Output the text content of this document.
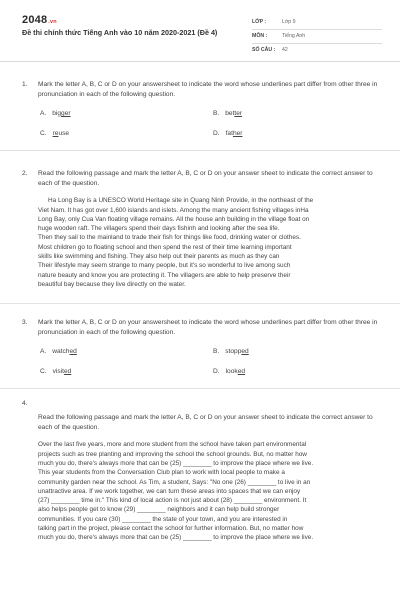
2048.vn
Đề thi chính thức Tiếng Anh vào 10 năm 2020-2021 (Đề 4)
LỚP :	Lớp 9
MÔN :	Tiếng Anh
SỐ CÂU :	42
1. Mark the letter A, B, C or D on your answersheet to indicate the word whose underlines part differ from other three in pronunciation in each of the following question.
A. bigger	B. better
C. reuse	D. father
2. Read the following passage and mark the letter A, B, C or D on your answer sheet to indicate the correct answer to each of the question.

Ha Long Bay is a UNESCO World Heritage site in Quang Ninh Provide, in the northeast of the

Viet Nam. It has got over 1,600 islands and islets. Among the many ancient fishing villages inHa

Long Bay, only Cua Van floating village remains. All the house anh building in the village float on

huge wooden raft. The villagers spend their days fishinh and looking after the sea life.

Then they sail to the mainland to trade their fish for things like food, drinking water or clothes.

Most children go to floating school and then spend the rest of their time learning important

skills like swimming and fishing. They also help out their parents as much as they can

Their lifestyle may seem strange to many people, but it's so wonderful to live among such

nature beauty and know you are protecting it. The villagers are able to help preserve their

beautiful bay because they live directly on the water.

3. Mark the letter A, B, C or D on your answersheet to indicate the word whose underlines part differ from other three in pronunciation in each of the following question.
A. watched	B. stopped
C. visited	D. looked
4.
Read the following passage and mark the letter A, B, C or D on your answer sheet to indicate the correct answer to each of the question.

Over the last five years, more and more student from the school have taken part environmental

projects such as tree planting and improving the school the school grounds. But, no matter how

much you do, there's always more that can be (25) ________ to improve the place where we live.

This year students from the Conversation Club plan to work with local people to make a

community garden near the school. As Tim, a student, Says: "No one (26) ________ to live in an

unattractive area. If we work together, we can turn these areas into spaces that we can enjoy

(27) ________ time in." This kind of local action is not just about (28) ________ environment. It

also helps people get to know (29) ________ neighbors and it can help build stronger

communities. If you care (30) ________ the state of your town, and you are interested in

talking part in the project, please contact the school for further information. But, no matter how

much you do, there's always more that can be (25) ________ to improve the place where we live.
